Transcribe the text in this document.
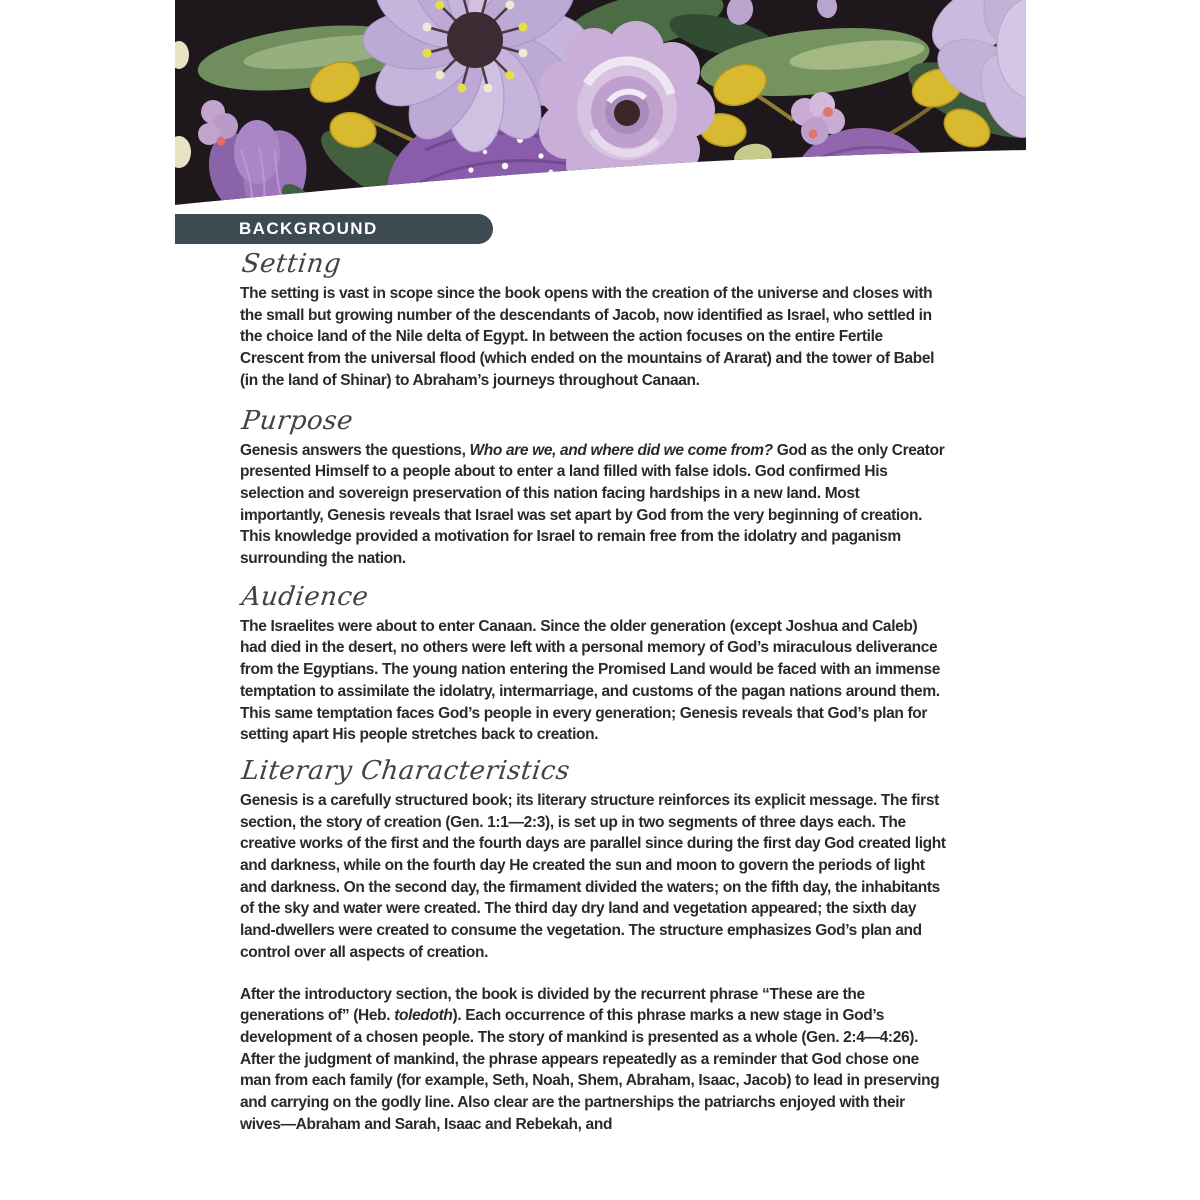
BACKGROUND
Setting

The setting is vast in scope since the book opens with the creation of the universe and closes with the small but growing number of the descendants of Jacob, now identified as Israel, who settled in the choice land of the Nile delta of Egypt. In between the action focuses on the entire Fertile Crescent from the universal flood (which ended on the mountains of Ararat) and the tower of Babel (in the land of Shinar) to Abraham’s journeys throughout Canaan.

Purpose

Genesis answers the questions, Who are we, and where did we come from? God as the only Creator presented Himself to a people about to enter a land filled with false idols. God confirmed His selection and sovereign preservation of this nation facing hardships in a new land. Most importantly, Genesis reveals that Israel was set apart by God from the very beginning of creation. This knowledge provided a motivation for Israel to remain free from the idolatry and paganism surrounding the nation.

Audience

The Israelites were about to enter Canaan. Since the older generation (except Joshua and Caleb) had died in the desert, no others were left with a personal memory of God’s miraculous deliverance from the Egyptians. The young nation entering the Promised Land would be faced with an immense temptation to assimilate the idolatry, intermarriage, and customs of the pagan nations around them. This same temptation faces God’s people in every generation; Genesis reveals that God’s plan for setting apart His people stretches back to creation.

Literary Characteristics

Genesis is a carefully structured book; its literary structure reinforces its explicit message. The first section, the story of creation (Gen. 1:1—2:3), is set up in two segments of three days each. The creative works of the first and the fourth days are parallel since during the first day God created light and darkness, while on the fourth day He created the sun and moon to govern the periods of light and darkness. On the second day, the firmament divided the waters; on the fifth day, the inhabitants of the sky and water were created. The third day dry land and vegetation appeared; the sixth day land-dwellers were created to consume the vegetation. The structure emphasizes God’s plan and control over all aspects of creation.

After the introductory section, the book is divided by the recurrent phrase “These are the generations of” (Heb. toledoth). Each occurrence of this phrase marks a new stage in God’s development of a chosen people. The story of mankind is presented as a whole (Gen. 2:4—4:26). After the judgment of mankind, the phrase appears repeatedly as a reminder that God chose one man from each family (for example, Seth, Noah, Shem, Abraham, Isaac, Jacob) to lead in preserving and carrying on the godly line. Also clear are the partnerships the patriarchs enjoyed with their wives—Abraham and Sarah, Isaac and Rebekah, and
